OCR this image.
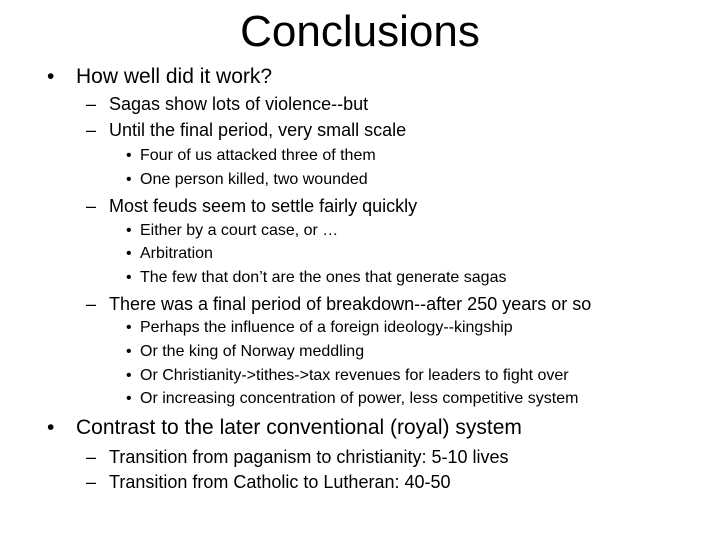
Conclusions
• How well did it work?
– Sagas show lots of violence--but
– Until the final period, very small scale
• Four of us attacked three of them
• One person killed, two wounded
– Most feuds seem to settle fairly quickly
• Either by a court case, or …
• Arbitration
• The few that don’t are the ones that generate sagas
– There was a final period of breakdown--after 250 years or so
• Perhaps the influence of a foreign ideology--kingship
• Or the king of Norway meddling
• Or Christianity->tithes->tax revenues for leaders to fight over
• Or increasing concentration of power, less competitive system
• Contrast to the later conventional (royal) system
– Transition from paganism to christianity: 5-10 lives
– Transition from Catholic to Lutheran: 40-50
